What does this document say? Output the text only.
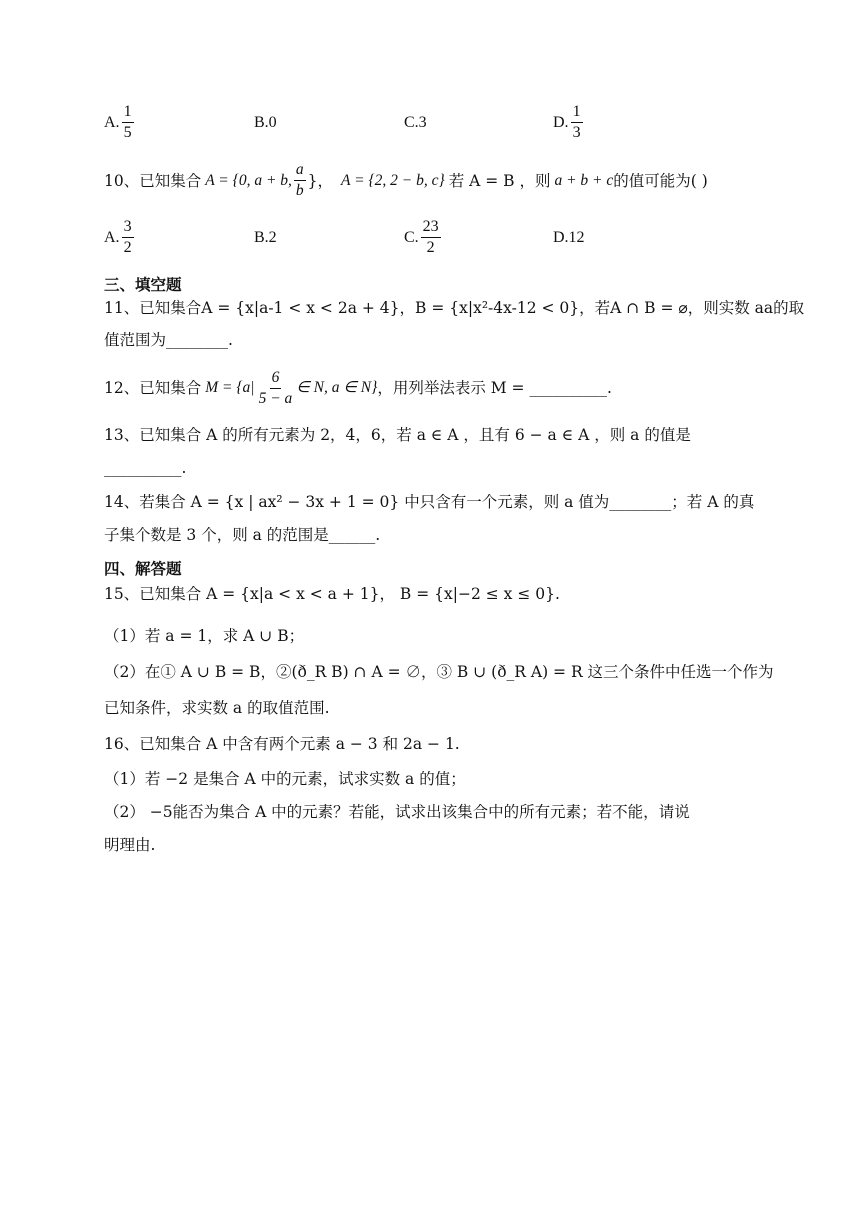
A. $\frac{1}{5}$	B.0	C.3	D. $\frac{1}{3}$
10、已知集合 A = {0, a + b, $\frac{a}{b}$ }， A = {2, 2 − b, c} 若 A = B ，则 a + b + c 的值可能为( )
A. $\frac{3}{2}$	B.2	C. $\frac{23}{2}$	D.12
三、填空题
11、已知集合A = {x|a-1 < x < 2a + 4}，B = {x|x²-4x-12 < 0}，若A ∩ B = ⌀，则实数 aa的取
值范围为________.
12、已知集合 $M = \{a| \frac{6}{5 - a}$ ∈ N, a ∈ N} ，用列举法表示 M = __________.
13、已知集合 A 的所有元素为 2，4，6，若 a ∈ A ，且有 6 − a ∈ A ，则 a 的值是
__________.
14、若集合 A = {x | ax² − 3x + 1 = 0} 中只含有一个元素，则 a 值为________；若 A 的真
子集个数是 3 个，则 a 的范围是______.
四、解答题
15、已知集合 A = {x|a < x < a + 1}， B = {x|−2 ≤ x ≤ 0}.
（1）若 a = 1，求 A ∪ B；
（2）在① A ∪ B = B，②(ð_R B) ∩ A = ∅，③ B ∪ (ð_R A) = R 这三个条件中任选一个作为
已知条件，求实数 a 的取值范围.
16、已知集合 A 中含有两个元素 a − 3 和 2a − 1.
（1）若 −2 是集合 A 中的元素，试求实数 a 的值；
（2） −5能否为集合 A 中的元素？若能，试求出该集合中的所有元素；若不能，请说
明理由.
